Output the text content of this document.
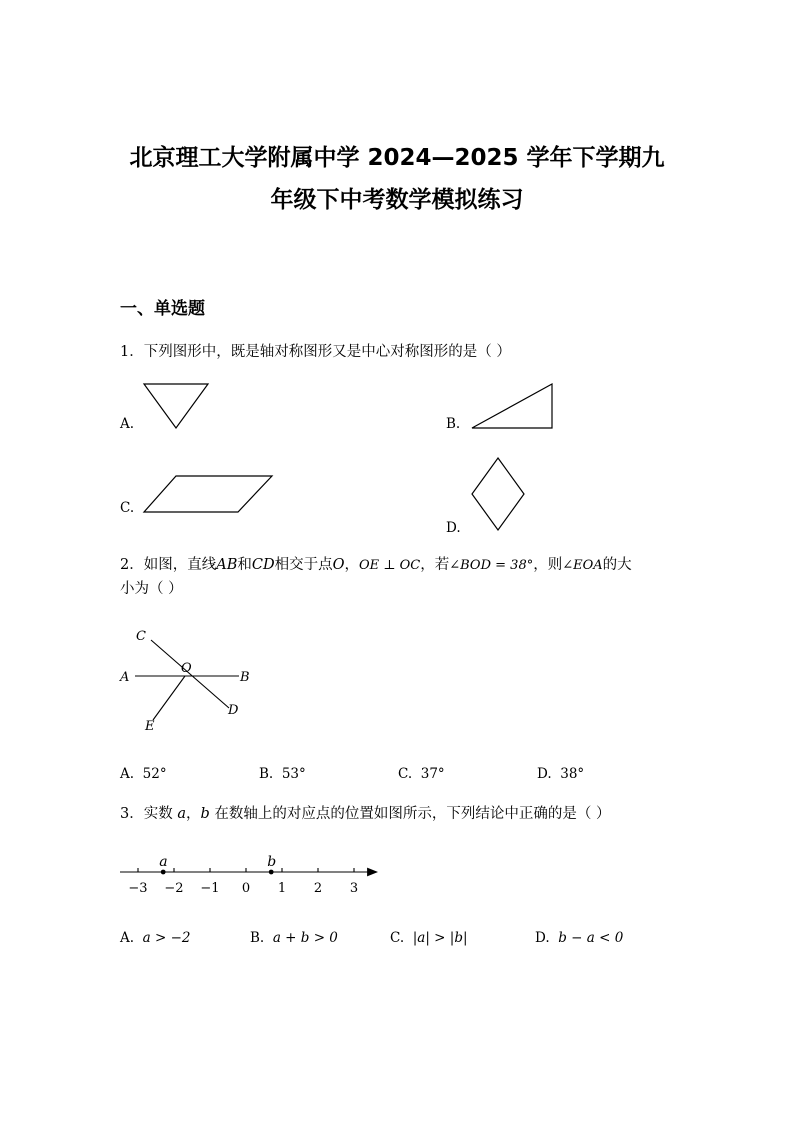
北京理工大学附属中学 2024—2025 学年下学期九
年级下中考数学模拟练习
一、单选题
1．下列图形中，既是轴对称图形又是中心对称图形的是（ ）
A.	B.
C.
D.
2．如图，直线AB和CD相交于点O，OE ⊥ OC，若∠BOD = 38°，则∠EOA的大
小为（ ）
C
O
A	B
D
E
A. 52°	B. 53°	C. 37°	D. 38°
3．实数 a，b 在数轴上的对应点的位置如图所示，下列结论中正确的是（ ）
−3 −2 −1 0 1 2 3
a	b
A. a > −2	B. a + b > 0	C. |a| > |b|	D. b − a < 0
